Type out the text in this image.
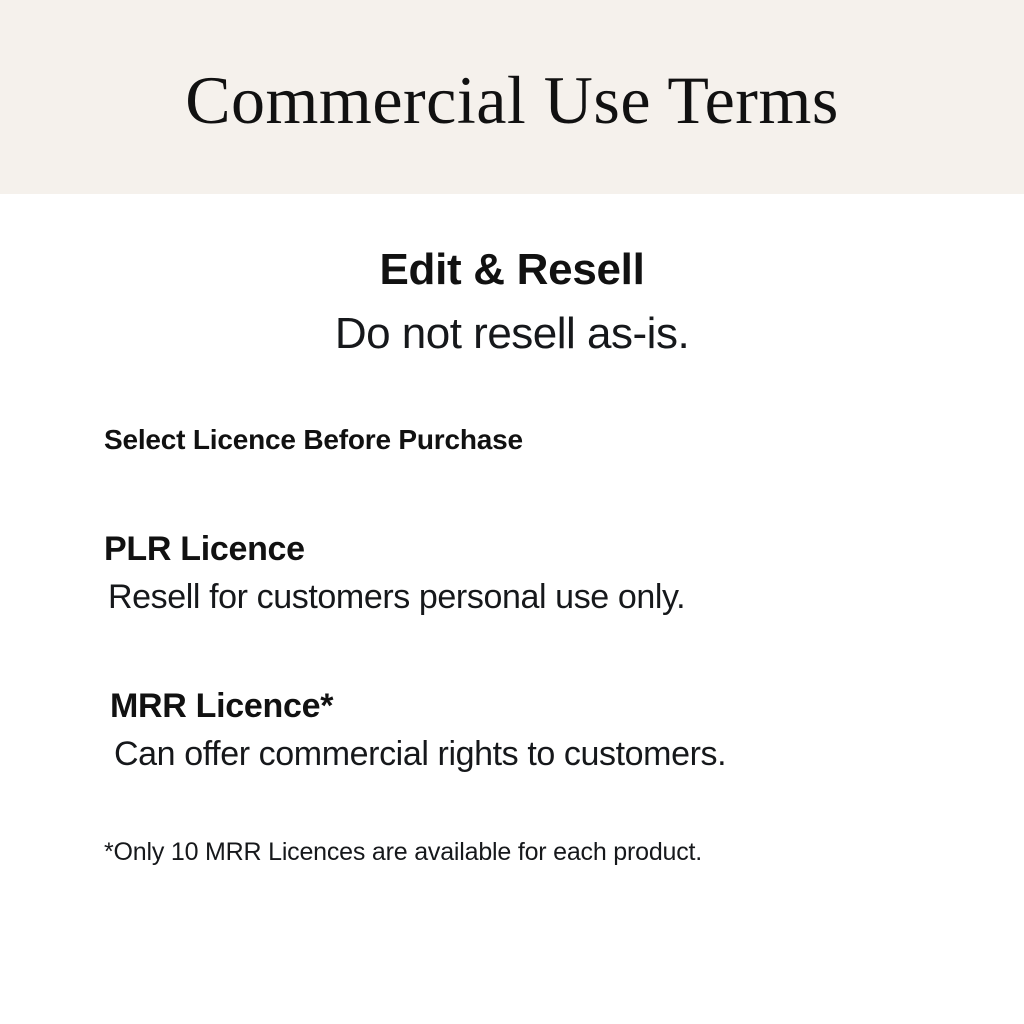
Commercial Use Terms
Edit & Resell
Do not resell as-is.
Select Licence Before Purchase
PLR Licence
Resell for customers personal use only.
MRR Licence*
Can offer commercial rights to customers.
*Only 10 MRR Licences are available for each product.
